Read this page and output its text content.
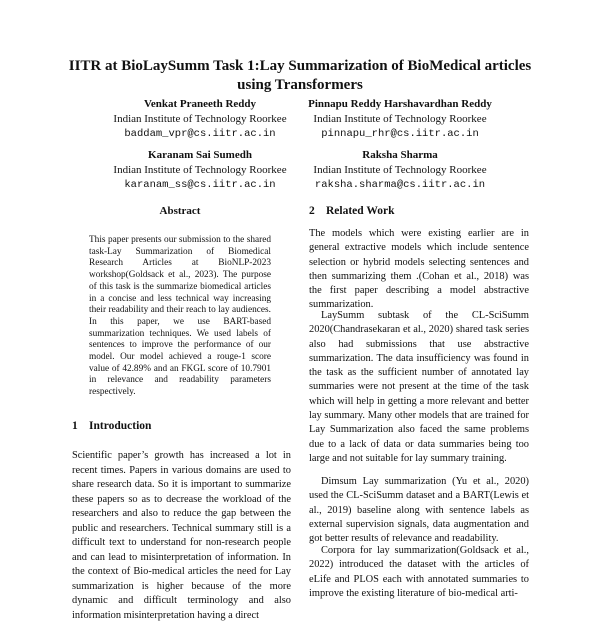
IITR at BioLaySumm Task 1:Lay Summarization of BioMedical articles using Transformers
Venkat Praneeth Reddy
Indian Institute of Technology Roorkee
baddam_vpr@cs.iitr.ac.in
Pinnapu Reddy Harshavardhan Reddy
Indian Institute of Technology Roorkee
pinnapu_rhr@cs.iitr.ac.in
Karanam Sai Sumedh
Indian Institute of Technology Roorkee
karanam_ss@cs.iitr.ac.in
Raksha Sharma
Indian Institute of Technology Roorkee
raksha.sharma@cs.iitr.ac.in
Abstract
This paper presents our submission to the shared task-Lay Summarization of Biomedical Research Articles at BioNLP-2023 workshop(Goldsack et al., 2023). The purpose of this task is the summarize biomedical articles in a concise and less technical way increasing their readability and their reach to lay audiences. In this paper, we use BART-based summarization techniques. We used labels of sentences to improve the performance of our model. Our model achieved a rouge-1 score value of 42.89% and an FKGL score of 10.7901 in relevance and readability parameters respectively.
1 Introduction
Scientific paper’s growth has increased a lot in recent times. Papers in various domains are used to share research data. So it is important to summarize these papers so as to decrease the workload of the researchers and also to reduce the gap between the public and researchers. Technical summary still is a difficult text to understand for non-research people and can lead to misinterpretation of information. In the context of Bio-medical articles the need for Lay summarization is higher because of the more dynamic and difficult terminology and also information misinterpretation having a direct
2 Related Work

The models which were existing earlier are in general extractive models which include sentence selection or hybrid models selecting sentences and then summarizing them .(Cohan et al., 2018) was the first paper describing a model abstractive summarization.

LaySumm subtask of the CL-SciSumm 2020(Chandrasekaran et al., 2020) shared task series also had submissions that use abstractive summarization. The data insufficiency was found in the task as the sufficient number of annotated lay summaries were not present at the time of the task which will help in getting a more relevant and better lay summary. Many other models that are trained for Lay Summarization also faced the same problems due to a lack of data or data summaries being too large and not suitable for lay summary training.

Dimsum Lay summarization (Yu et al., 2020) used the CL-SciSumm dataset and a BART(Lewis et al., 2019) baseline along with sentence labels as external supervision signals, data augmentation and got better results of relevance and readability.

Corpora for lay summarization(Goldsack et al., 2022) introduced the dataset with the articles of eLife and PLOS each with annotated summaries to improve the existing literature of bio-medical arti-
